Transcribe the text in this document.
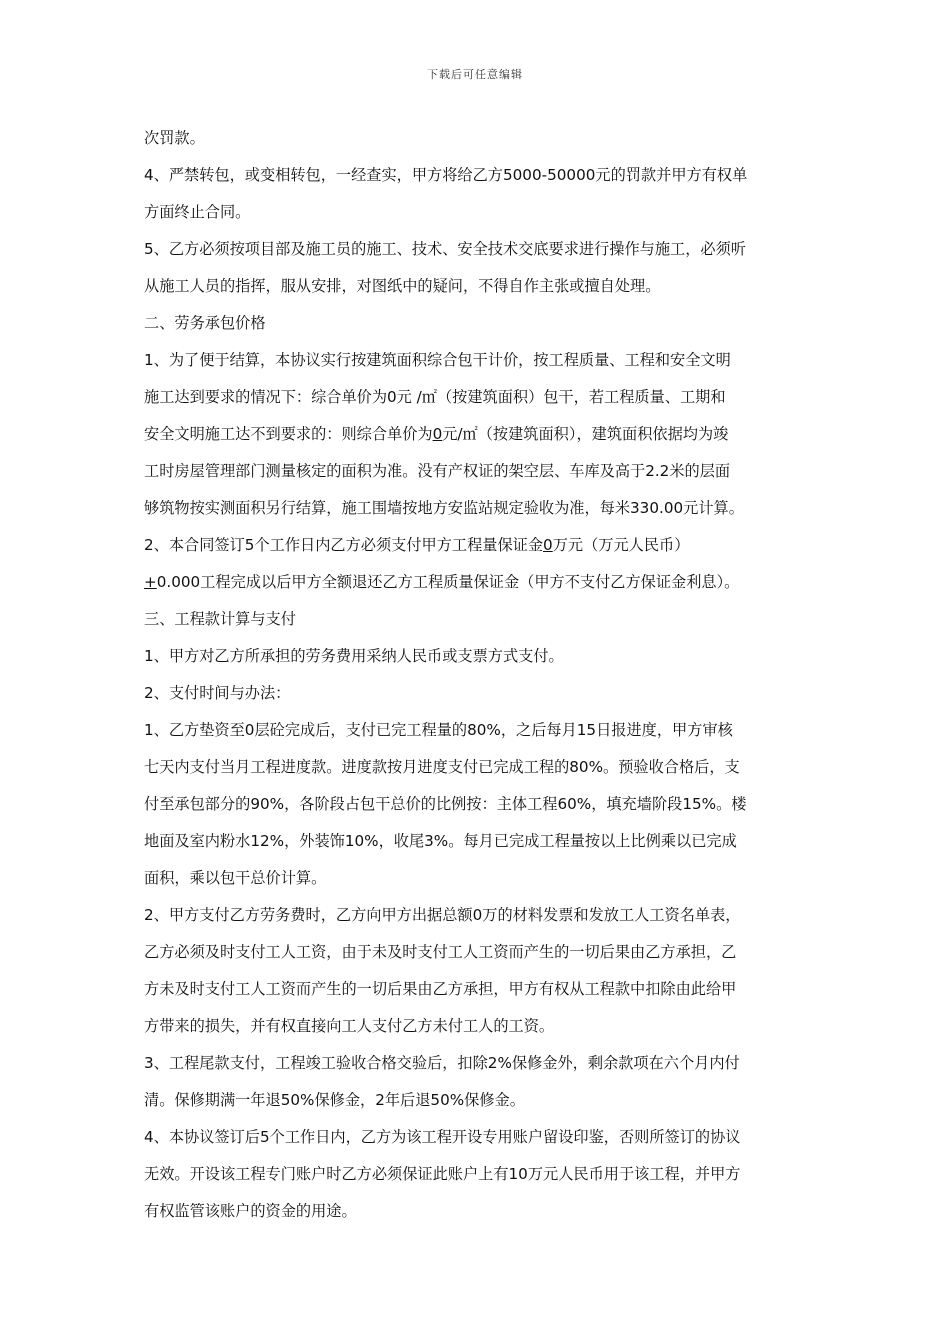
下载后可任意编辑
次罚款。
4、严禁转包，或变相转包，一经查实，甲方将给乙方5000-50000元的罚款并甲方有权单
方面终止合同。
5、乙方必须按项目部及施工员的施工、技术、安全技术交底要求进行操作与施工，必须听
从施工人员的指挥，服从安排，对图纸中的疑问，不得自作主张或擅自处理。
二、劳务承包价格
1、为了便于结算，本协议实行按建筑面积综合包干计价，按工程质量、工程和安全文明
施工达到要求的情况下：综合单价为0元 /㎡（按建筑面积）包干，若工程质量、工期和
安全文明施工达不到要求的：则综合单价为0元/㎡（按建筑面积），建筑面积依据均为竣
工时房屋管理部门测量核定的面积为准。没有产权证的架空层、车库及高于2.2米的层面
够筑物按实测面积另行结算，施工围墙按地方安监站规定验收为准，每米330.00元计算。
2、本合同签订5个工作日内乙方必须支付甲方工程量保证金0万元（万元人民币）
+0.000工程完成以后甲方全额退还乙方工程质量保证金（甲方不支付乙方保证金利息）。
三、工程款计算与支付
1、甲方对乙方所承担的劳务费用采纳人民币或支票方式支付。
2、支付时间与办法：
1、乙方垫资至0层砼完成后，支付已完工程量的80%，之后每月15日报进度，甲方审核
七天内支付当月工程进度款。进度款按月进度支付已完成工程的80%。预验收合格后，支
付至承包部分的90%，各阶段占包干总价的比例按：主体工程60%，填充墙阶段15%。楼
地面及室内粉水12%，外装饰10%，收尾3%。每月已完成工程量按以上比例乘以已完成
面积，乘以包干总价计算。
2、甲方支付乙方劳务费时，乙方向甲方出据总额0万的材料发票和发放工人工资名单表，
乙方必须及时支付工人工资，由于未及时支付工人工资而产生的一切后果由乙方承担，乙
方未及时支付工人工资而产生的一切后果由乙方承担，甲方有权从工程款中扣除由此给甲
方带来的损失，并有权直接向工人支付乙方未付工人的工资。
3、工程尾款支付，工程竣工验收合格交验后，扣除2%保修金外，剩余款项在六个月内付
清。保修期满一年退50%保修金，2年后退50%保修金。
4、本协议签订后5个工作日内，乙方为该工程开设专用账户留设印鉴，否则所签订的协议
无效。开设该工程专门账户时乙方必须保证此账户上有10万元人民币用于该工程，并甲方
有权监管该账户的资金的用途。
